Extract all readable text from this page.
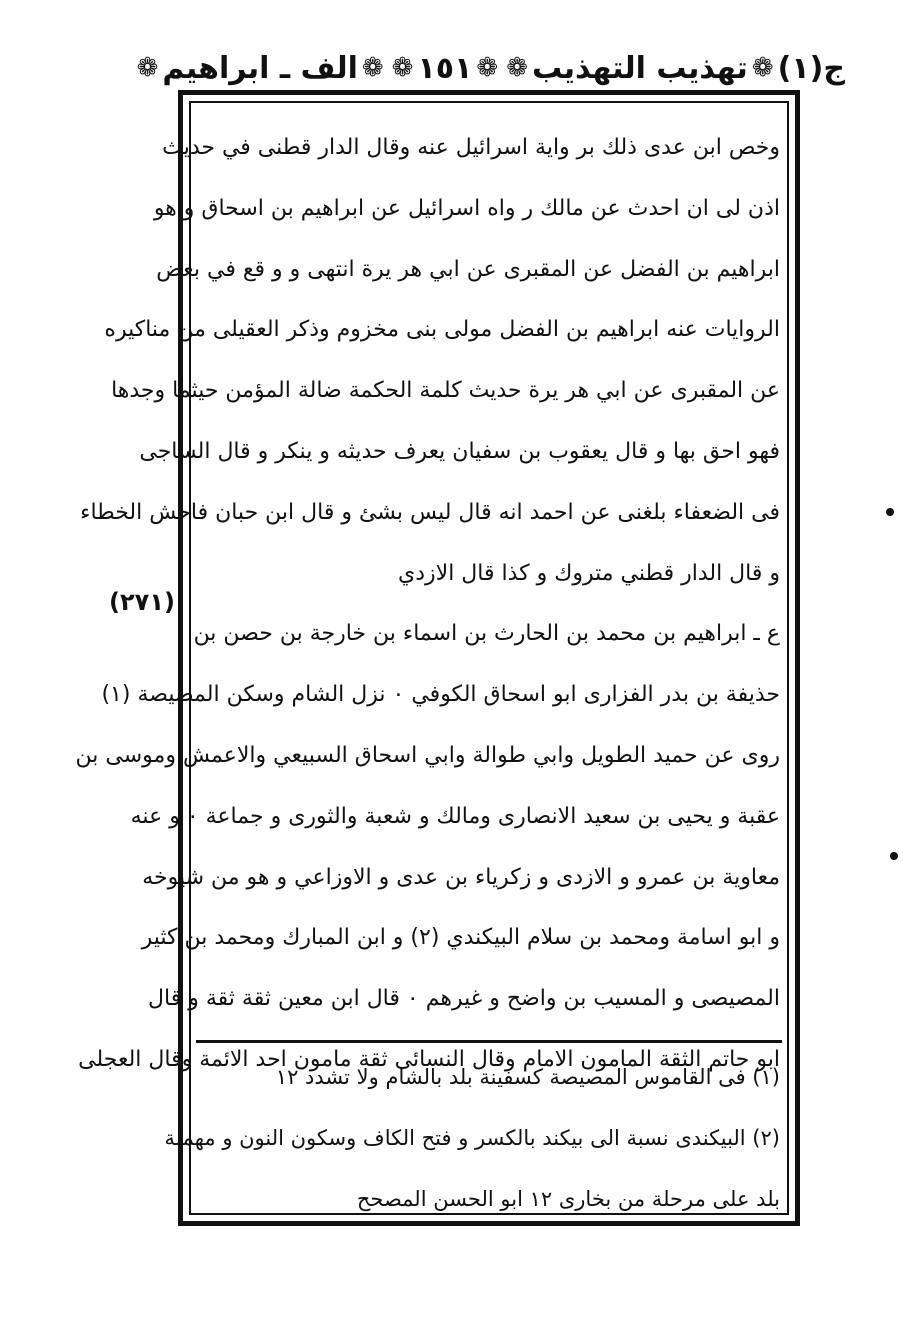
ج(١)
❁
تهذيب التهذيب
❁
❁
١٥١
❁
❁
الف ـ ابراهيم
❁
وخص ابن عدى ذلك بر واية اسرائيل عنه وقال الدار قطنى في حديث
اذن لى ان احدث عن مالك ر واه اسرائيل عن ابراهيم بن اسحاق و هو
ابراهيم بن الفضل عن المقبرى عن ابي هر يرة انتهى و و قع في بعض
الروايات عنه ابراهيم بن الفضل مولى بنى مخزوم وذكر العقيلى من مناكيره
عن المقبرى عن ابي هر يرة حديث كلمة الحكمة ضالة المؤمن حيثما وجدها
فهو احق بها و قال يعقوب بن سفيان يعرف حديثه و ينكر و قال الساجى
فى الضعفاء بلغنى عن احمد انه قال ليس بشئ و قال ابن حبان فاحش الخطاء
و قال الدار قطني متروك و كذا قال الازدي
ع ـ ابراهيم بن محمد بن الحارث بن اسماء بن خارجة بن حصن بن
حذيفة بن بدر الفزارى ابو اسحاق الكوفي ٠ نزل الشام وسكن المصيصة (١)
روى عن حميد الطويل وابي طوالة وابي اسحاق السبيعي والاعمش وموسى بن
عقبة و يحيى بن سعيد الانصارى ومالك و شعبة والثورى و جماعة ٠ و عنه
معاوية بن عمرو و الازدى و زكرياء بن عدى و الاوزاعي و هو من شيوخه
و ابو اسامة ومحمد بن سلام البيكندي (٢) و ابن المبارك ومحمد بن كثير
المصيصى و المسيب بن واضح و غيرهم ٠ قال ابن معين ثقة ثقة و قال
ابو حاتم الثقة المامون الامام وقال النسائى ثقة مامون احد الائمة وقال العجلى
(٢٧١)
(١) فى القاموس المصيصة كسفينة بلد بالشام ولا تشدد ١٢
(٢) البيكندى نسبة الى بيكند بالكسر و فتح الكاف وسكون النون و مهملة
بلد على مرحلة من بخارى ١٢ ابو الحسن المصحح
